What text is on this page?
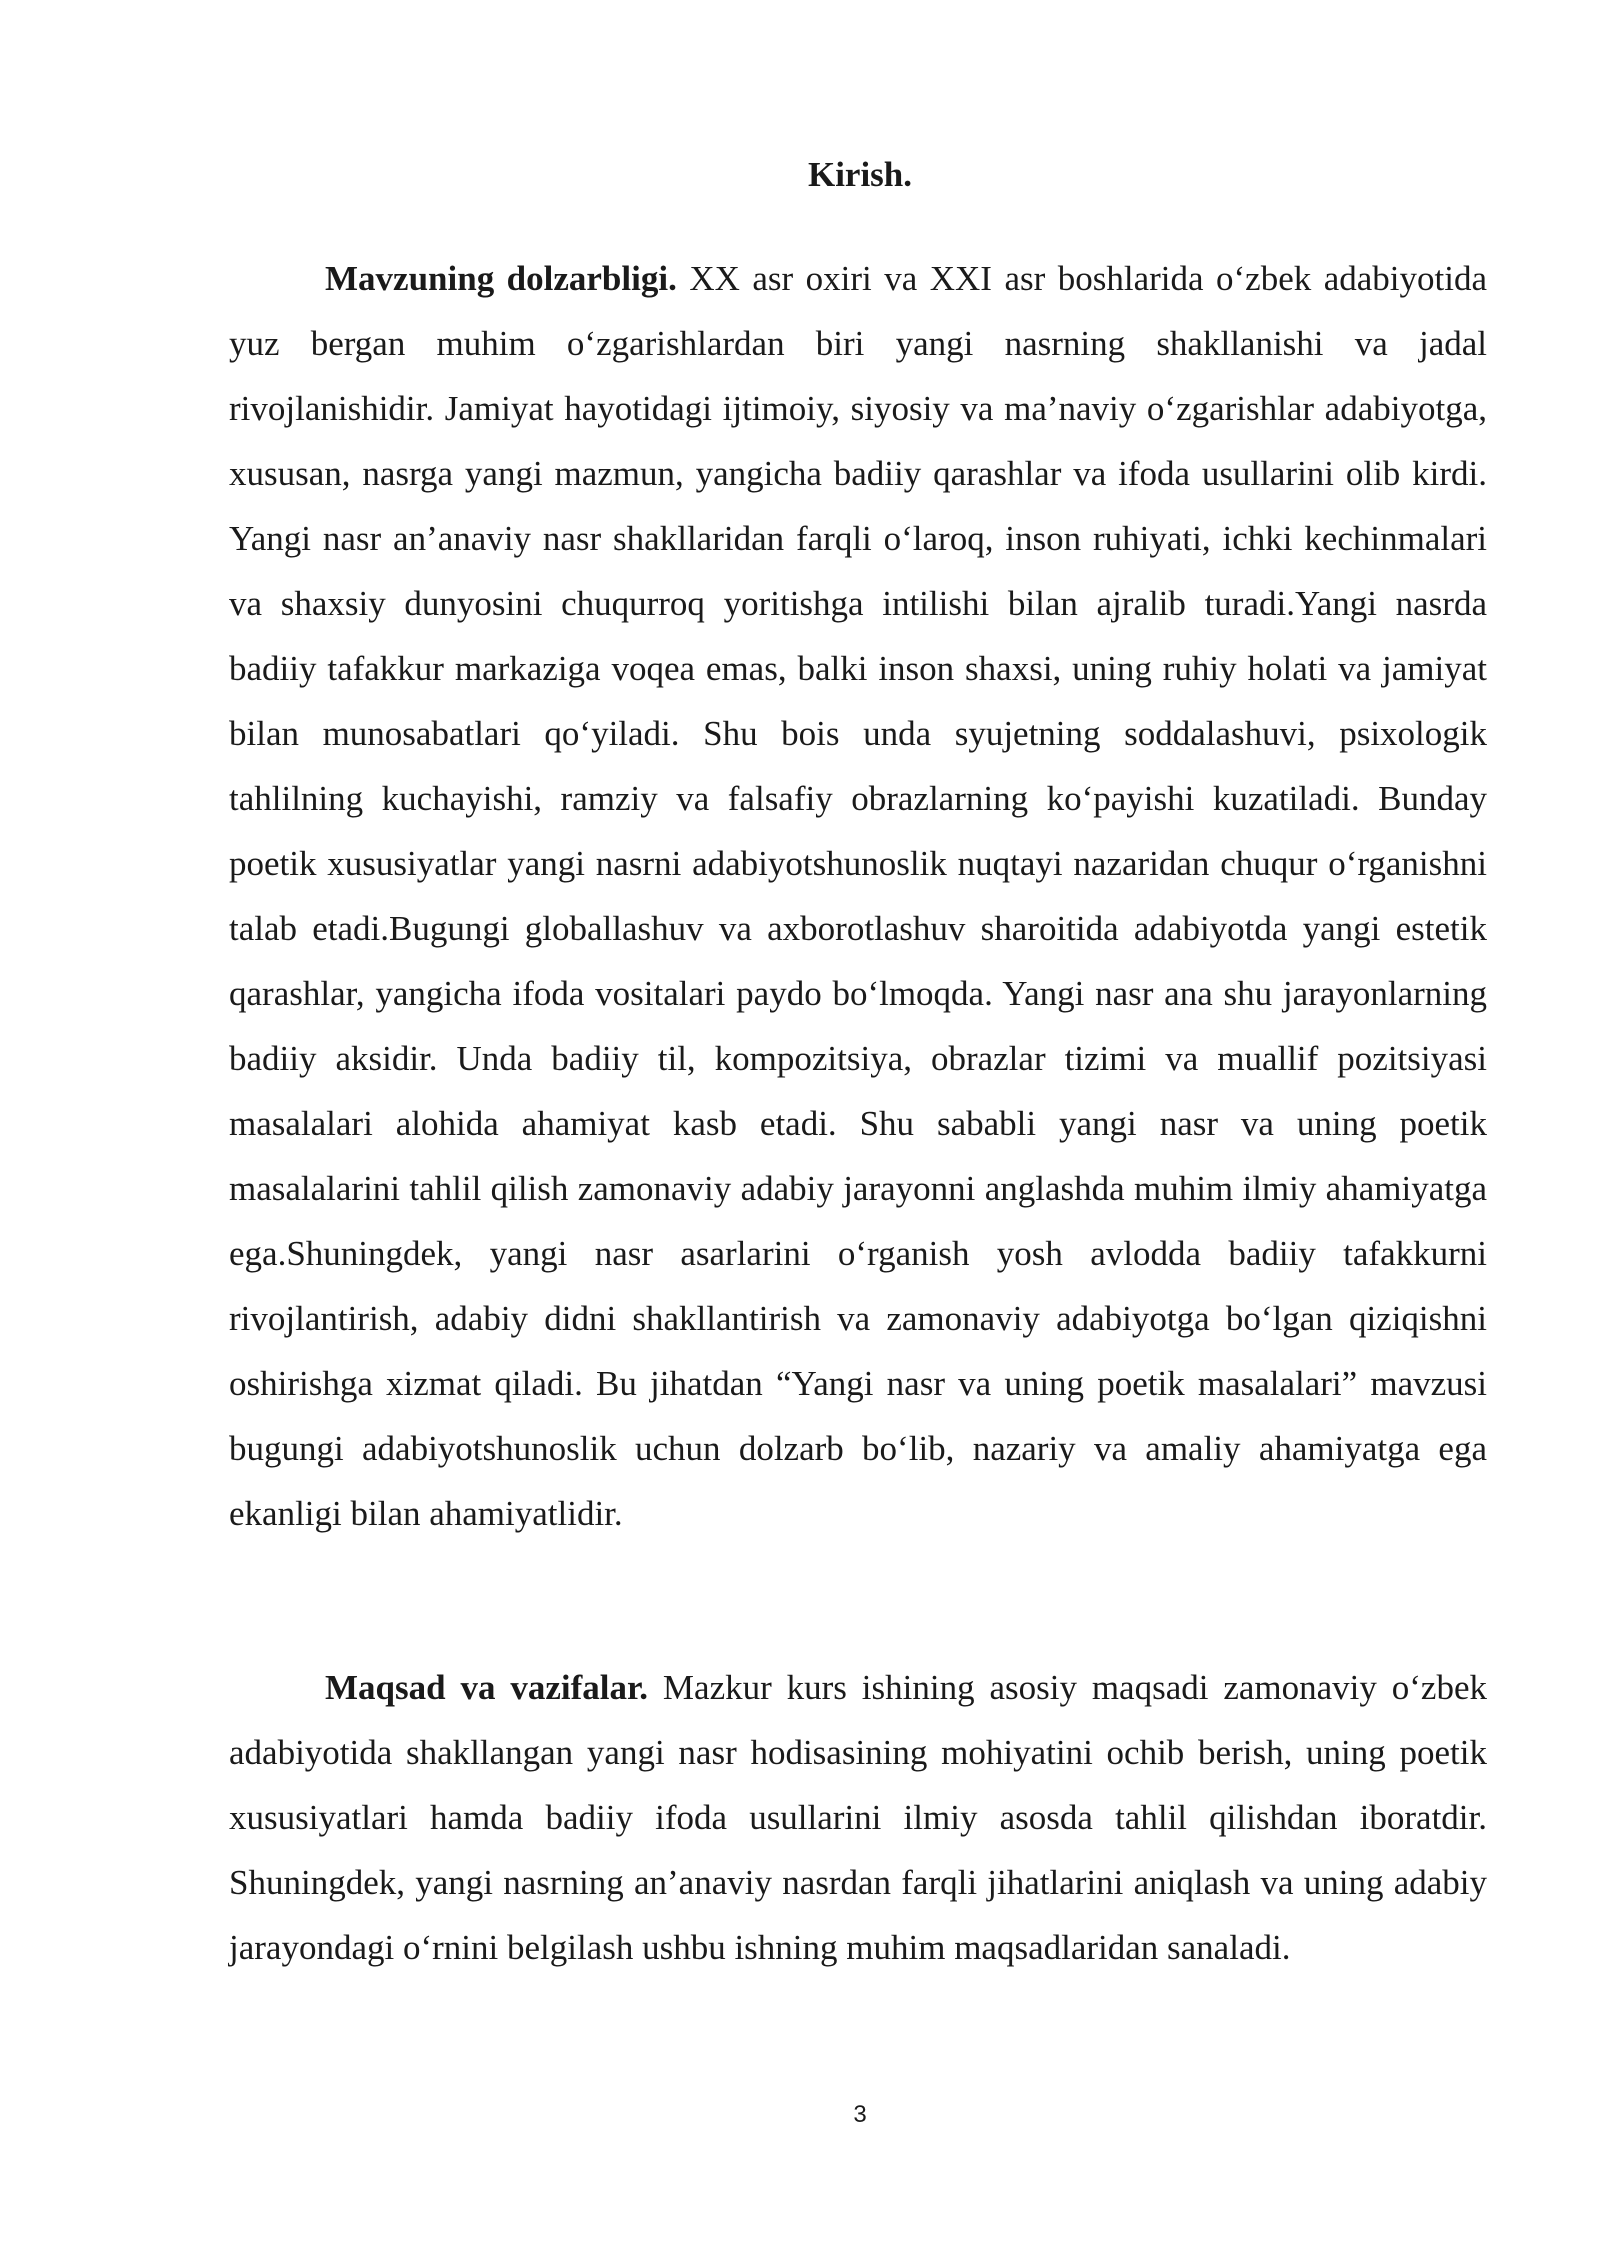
Kirish.

Mavzuning dolzarbligi. XX asr oxiri va XXI asr boshlarida o‘zbek adabiyotida yuz bergan muhim o‘zgarishlardan biri yangi nasrning shakllanishi va jadal rivojlanishidir. Jamiyat hayotidagi ijtimoiy, siyosiy va ma’naviy o‘zgarishlar adabiyotga, xususan, nasrga yangi mazmun, yangicha badiiy qarashlar va ifoda usullarini olib kirdi. Yangi nasr an’anaviy nasr shakllaridan farqli o‘laroq, inson ruhiyati, ichki kechinmalari va shaxsiy dunyosini chuqurroq yoritishga intilishi bilan ajralib turadi.Yangi nasrda badiiy tafakkur markaziga voqea emas, balki inson shaxsi, uning ruhiy holati va jamiyat bilan munosabatlari qo‘yiladi. Shu bois unda syujetning soddalashuvi, psixologik tahlilning kuchayishi, ramziy va falsafiy obrazlarning ko‘payishi kuzatiladi. Bunday poetik xususiyatlar yangi nasrni adabiyotshunoslik nuqtayi nazaridan chuqur o‘rganishni talab etadi.Bugungi globallashuv va axborotlashuv sharoitida adabiyotda yangi estetik qarashlar, yangicha ifoda vositalari paydo bo‘lmoqda. Yangi nasr ana shu jarayonlarning badiiy aksidir. Unda badiiy til, kompozitsiya, obrazlar tizimi va muallif pozitsiyasi masalalari alohida ahamiyat kasb etadi. Shu sababli yangi nasr va uning poetik masalalarini tahlil qilish zamonaviy adabiy jarayonni anglashda muhim ilmiy ahamiyatga ega.Shuningdek, yangi nasr asarlarini o‘rganish yosh avlodda badiiy tafakkurni rivojlantirish, adabiy didni shakllantirish va zamonaviy adabiyotga bo‘lgan qiziqishni oshirishga xizmat qiladi. Bu jihatdan “Yangi nasr va uning poetik masalalari” mavzusi bugungi adabiyotshunoslik uchun dolzarb bo‘lib, nazariy va amaliy ahamiyatga ega ekanligi bilan ahamiyatlidir.

Maqsad va vazifalar. Mazkur kurs ishining asosiy maqsadi zamonaviy o‘zbek adabiyotida shakllangan yangi nasr hodisasining mohiyatini ochib berish, uning poetik xususiyatlari hamda badiiy ifoda usullarini ilmiy asosda tahlil qilishdan iboratdir. Shuningdek, yangi nasrning an’anaviy nasrdan farqli jihatlarini aniqlash va uning adabiy jarayondagi o‘rnini belgilash ushbu ishning muhim maqsadlaridan sanaladi.

3
